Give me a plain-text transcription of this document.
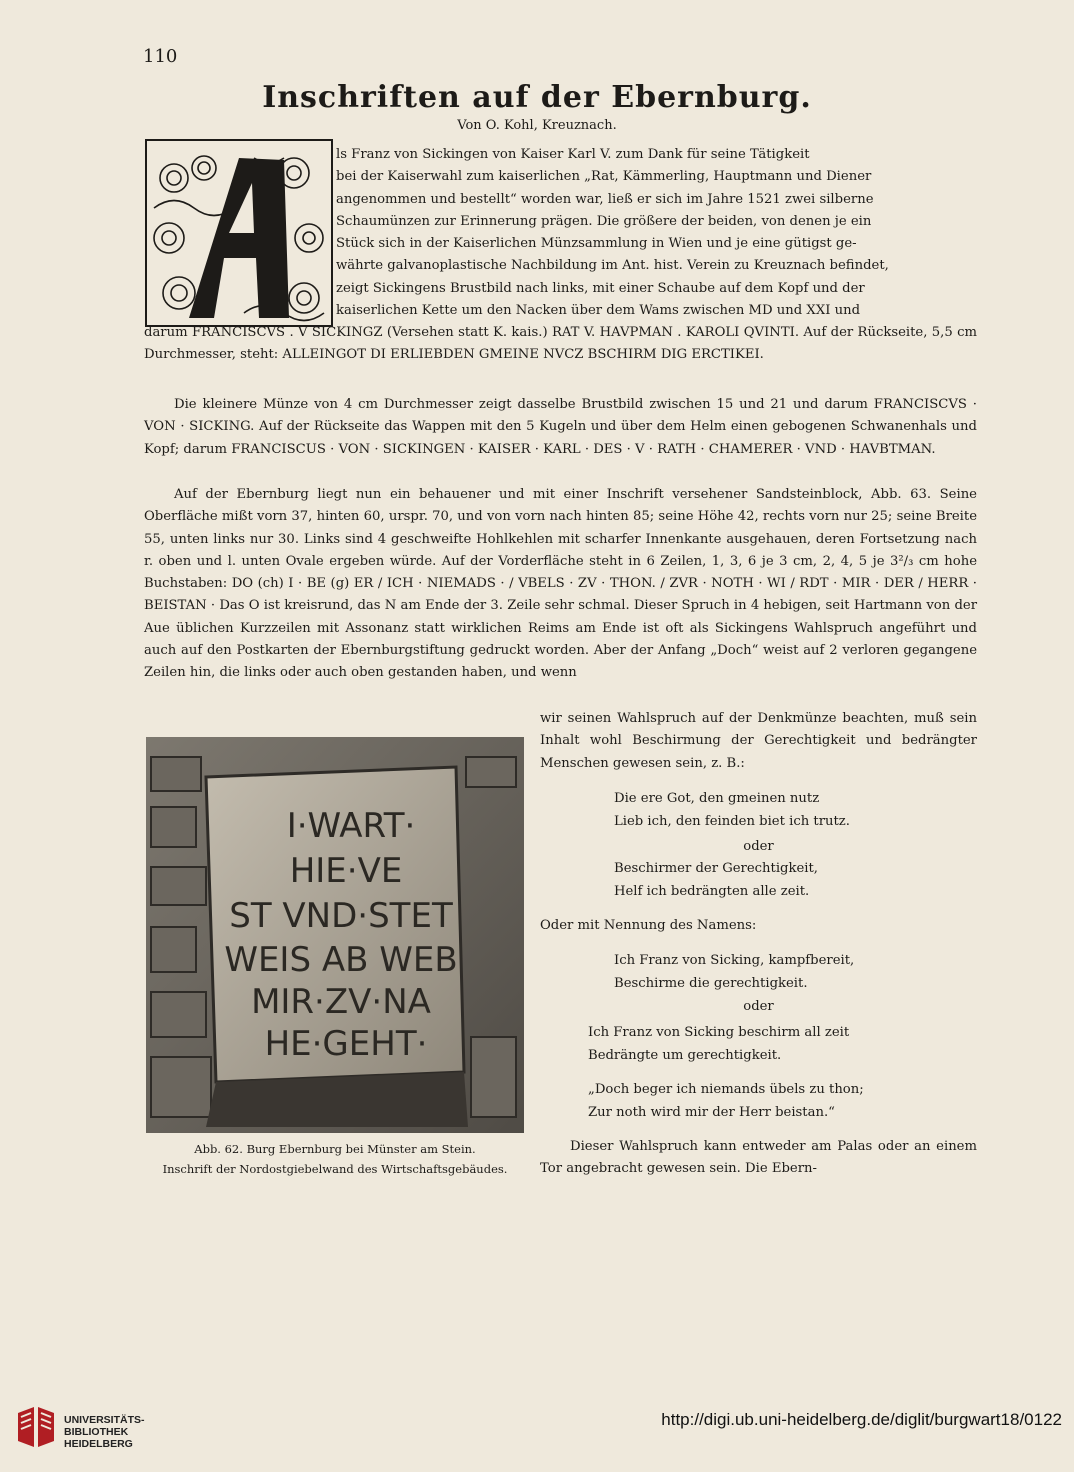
110
Inschriften auf der Ebernburg.
Von O. Kohl, Kreuznach.
A
ls Franz von Sickingen von Kaiser Karl V. zum Dank für seine Tätigkeit
bei der Kaiserwahl zum kaiserlichen „Rat, Kämmerling, Hauptmann und Diener
angenommen und bestellt“ worden war, ließ er sich im Jahre 1521 zwei silberne
Schaumünzen zur Erinnerung prägen. Die größere der beiden, von denen je ein
Stück sich in der Kaiserlichen Münzsammlung in Wien und je eine gütigst ge-
währte galvanoplastische Nachbildung im Ant. hist. Verein zu Kreuznach befindet,
zeigt Sickingens Brustbild nach links, mit einer Schaube auf dem Kopf und der
kaiserlichen Kette um den Nacken über dem Wams zwischen MD und XXI und

darum FRANCISCVS . V SICKINGZ (Versehen statt K. kais.) RAT V. HAVPMAN . KAROLI QVINTI. Auf der Rückseite, 5,5 cm Durchmesser, steht: ALLEINGOT DI ERLIEBDEN GMEINE NVCZ BSCHIRM DIG ERCTIKEI.

Die kleinere Münze von 4 cm Durchmesser zeigt dasselbe Brustbild zwischen 15 und 21 und darum FRANCISCVS · VON · SICKING. Auf der Rückseite das Wappen mit den 5 Kugeln und über dem Helm einen gebogenen Schwanenhals und Kopf; darum FRANCISCUS · VON · SICKINGEN · KAISER · KARL · DES · V · RATH · CHAMERER · VND · HAVBTMAN.

Auf der Ebernburg liegt nun ein behauener und mit einer Inschrift versehener Sandsteinblock, Abb. 63. Seine Oberfläche mißt vorn 37, hinten 60, urspr. 70, und von vorn nach hinten 85; seine Höhe 42, rechts vorn nur 25; seine Breite 55, unten links nur 30. Links sind 4 geschweifte Hohlkehlen mit scharfer Innenkante ausgehauen, deren Fortsetzung nach r. oben und l. unten Ovale ergeben würde. Auf der Vorderfläche steht in 6 Zeilen, 1, 3, 6 je 3 cm, 2, 4, 5 je 3²/₃ cm hohe Buchstaben: DO (ch) I · BE (g) ER / ICH · NIEMADS · / VBELS · ZV · THON. / ZVR · NOTH · WI / RDT · MIR · DER / HERR · BEISTAN · Das O ist kreisrund, das N am Ende der 3. Zeile sehr schmal. Dieser Spruch in 4 hebigen, seit Hartmann von der Aue üblichen Kurzzeilen mit Assonanz statt wirklichen Reims am Ende ist oft als Sickingens Wahlspruch angeführt und auch auf den Postkarten der Ebernburgstiftung gedruckt worden. Aber der Anfang „Doch“ weist auf 2 verloren gegangene Zeilen hin, die links oder auch oben gestanden haben, und wenn

wir seinen Wahlspruch auf der Denkmünze beachten, muß sein Inhalt wohl Beschirmung der Gerechtigkeit und bedrängter Menschen gewesen sein, z. B.:

I·WART·
HIE·VE
ST VND·STET
WEIS AB WEB
MIR·ZV·NA
HE·GEHT·
Abb. 62. Burg Ebernburg bei Münster am Stein.
Inschrift der Nordostgiebelwand des Wirtschaftsgebäudes.
Die ere Got, den gmeinen nutz
Lieb ich, den feinden biet ich trutz.
oder
Beschirmer der Gerechtigkeit,
Helf ich bedrängten alle zeit.
Oder mit Nennung des Namens:
Ich Franz von Sicking, kampfbereit,
Beschirme die gerechtigkeit.
oder
Ich Franz von Sicking beschirm all zeit
Bedrängte um gerechtigkeit.
„Doch beger ich niemands übels zu thon;
Zur noth wird mir der Herr beistan.“

Dieser Wahlspruch kann entweder am Palas oder an einem Tor angebracht gewesen sein. Die Ebern-

UNIVERSITÄTS-
BIBLIOTHEK
HEIDELBERG
http://digi.ub.uni-heidelberg.de/diglit/burgwart18/0122
